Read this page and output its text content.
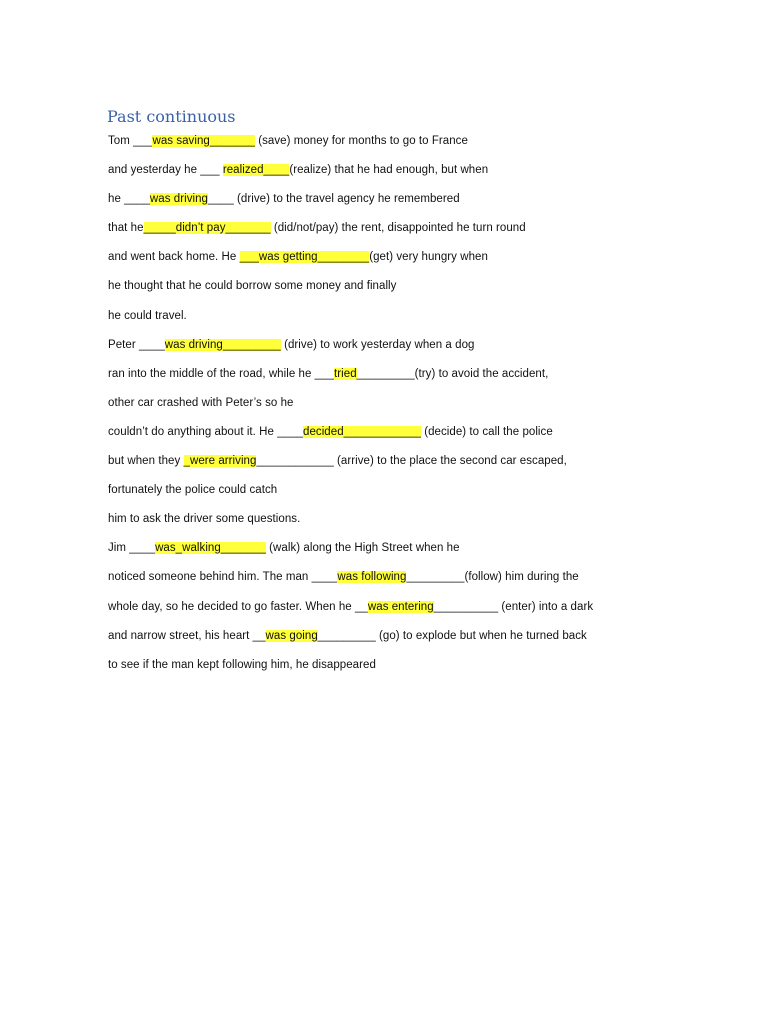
Past continuous
Tom ___was saving_______ (save) money for months to go to France
and yesterday he ___ realized____(realize) that he had enough, but when
he ____was driving____ (drive) to the travel agency he remembered
that he_____didn’t pay_______ (did/not/pay) the rent, disappointed he turn round
and went back home. He ___was getting________(get) very hungry when
he thought that he could borrow some money and finally
he could travel.
Peter ____was driving_________ (drive) to work yesterday when a dog
ran into the middle of the road, while he ___tried_________(try) to avoid the accident,
other car crashed with Peter’s so he
couldn’t do anything about it. He ____decided____________ (decide) to call the police
but when they _were arriving____________ (arrive) to the place the second car escaped,
fortunately the police could catch
him to ask the driver some questions.
Jim ____was_walking_______ (walk) along the High Street when he
noticed someone behind him. The man ____was following_________(follow) him during the
whole day, so he decided to go faster. When he __was entering__________ (enter) into a dark
and narrow street, his heart __was going_________ (go) to explode but when he turned back
to see if the man kept following him, he disappeared
